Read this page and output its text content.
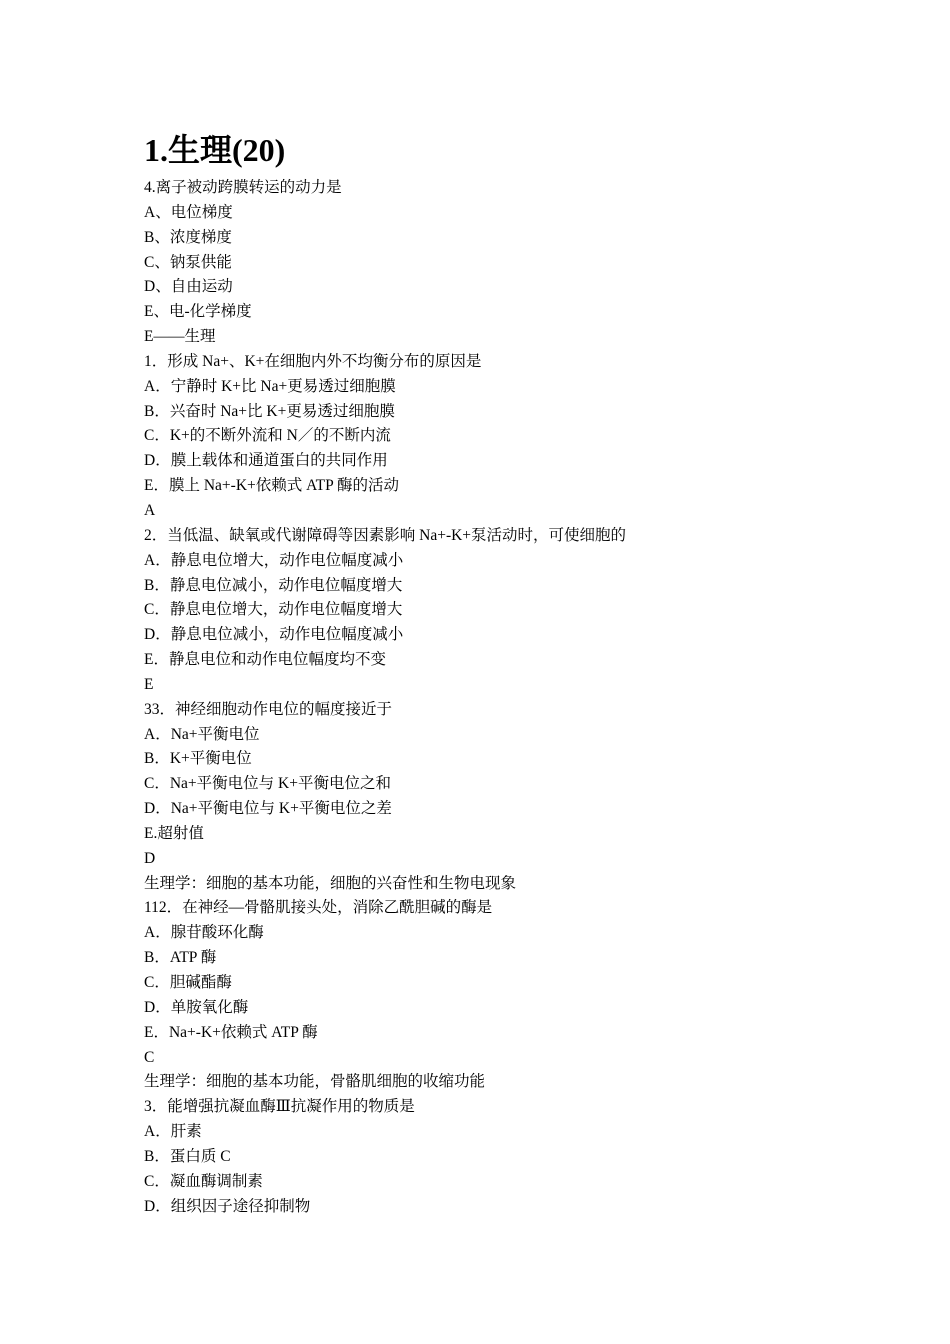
1.生理(20)
4.离子被动跨膜转运的动力是
A、电位梯度
B、浓度梯度
C、钠泵供能
D、自由运动
E、电-化学梯度
E——生理
1．形成 Na+、K+在细胞内外不均衡分布的原因是
A．宁静时 K+比 Na+更易透过细胞膜
B．兴奋时 Na+比 K+更易透过细胞膜
C．K+的不断外流和 N／的不断内流
D．膜上载体和通道蛋白的共同作用
E．膜上 Na+-K+依赖式 ATP 酶的活动
A
2．当低温、缺氧或代谢障碍等因素影响 Na+-K+泵活动时，可使细胞的
A．静息电位增大，动作电位幅度减小
B．静息电位减小，动作电位幅度增大
C．静息电位增大，动作电位幅度增大
D．静息电位减小，动作电位幅度减小
E．静息电位和动作电位幅度均不变
E
33．神经细胞动作电位的幅度接近于
A．Na+平衡电位
B．K+平衡电位
C．Na+平衡电位与 K+平衡电位之和
D．Na+平衡电位与 K+平衡电位之差
E.超射值
D
生理学：细胞的基本功能，细胞的兴奋性和生物电现象
112．在神经—骨骼肌接头处，消除乙酰胆碱的酶是
A．腺苷酸环化酶
B．ATP 酶
C．胆碱酯酶
D．单胺氧化酶
E．Na+-K+依赖式 ATP 酶
C
生理学：细胞的基本功能，骨骼肌细胞的收缩功能
3．能增强抗凝血酶Ⅲ抗凝作用的物质是
A．肝素
B．蛋白质 C
C．凝血酶调制素
D．组织因子途径抑制物
